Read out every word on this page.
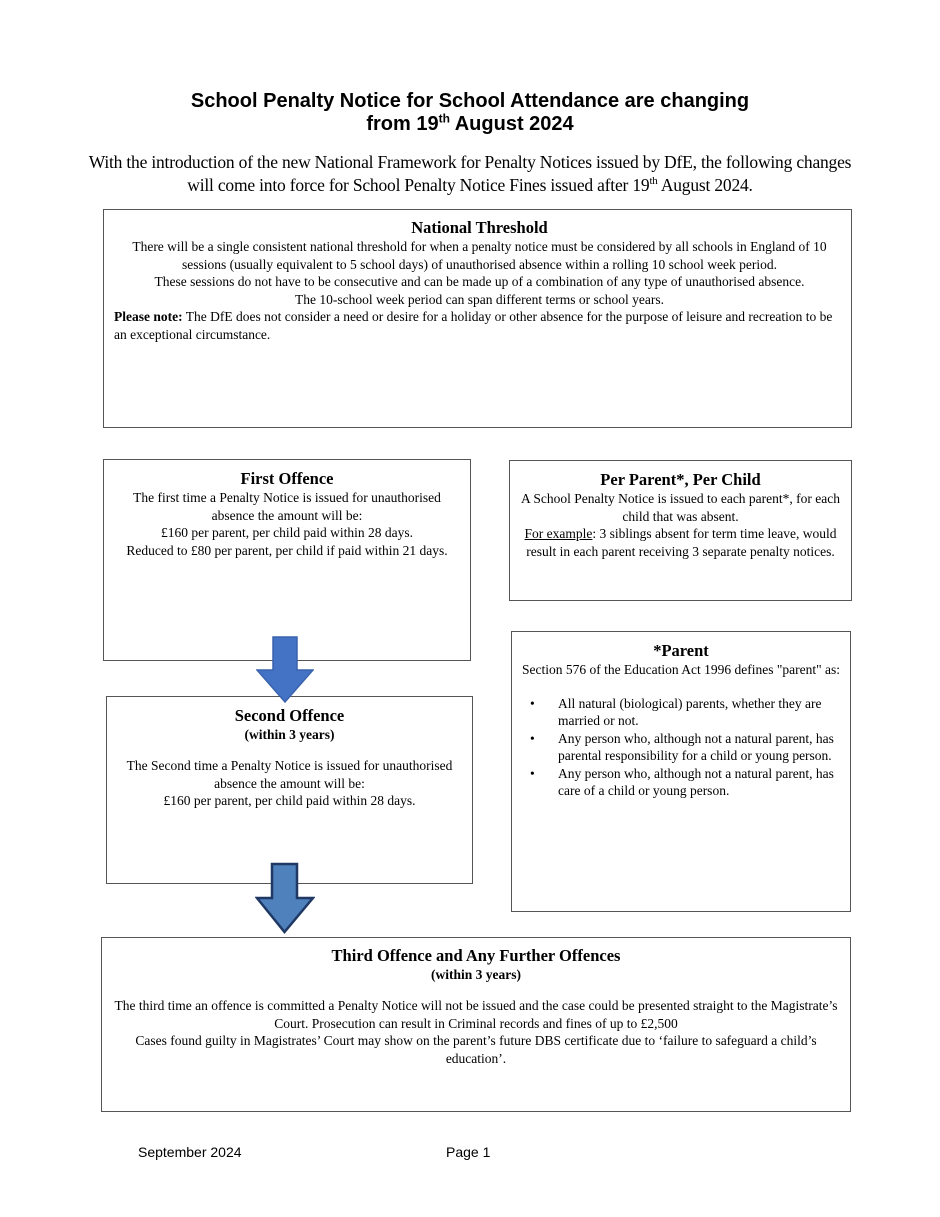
School Penalty Notice for School Attendance are changing
from 19th August 2024
With the introduction of the new National Framework for Penalty Notices issued by DfE, the following changes will come into force for School Penalty Notice Fines issued after 19th August 2024.
National Threshold

There will be a single consistent national threshold for when a penalty notice must be considered by all schools in England of 10 sessions (usually equivalent to 5 school days) of unauthorised absence within a rolling 10 school week period.

These sessions do not have to be consecutive and can be made up of a combination of any type of unauthorised absence.

The 10-school week period can span different terms or school years.

Please note: The DfE does not consider a need or desire for a holiday or other absence for the purpose of leisure and recreation to be an exceptional circumstance.

First Offence

The first time a Penalty Notice is issued for unauthorised absence the amount will be:

£160 per parent, per child paid within 28 days.

Reduced to £80 per parent, per child if paid within 21 days.

Per Parent*, Per Child

A School Penalty Notice is issued to each parent*, for each child that was absent.

For example: 3 siblings absent for term time leave, would result in each parent receiving 3 separate penalty notices.

Second Offence
(within 3 years)

The Second time a Penalty Notice is issued for unauthorised absence the amount will be:

£160 per parent, per child paid within 28 days.

*Parent

Section 576 of the Education Act 1996 defines "parent" as:

• All natural (biological) parents, whether they are married or not.
• Any person who, although not a natural parent, has parental responsibility for a child or young person.
• Any person who, although not a natural parent, has care of a child or young person.
Third Offence and Any Further Offences
(within 3 years)

The third time an offence is committed a Penalty Notice will not be issued and the case could be presented straight to the Magistrate’s Court. Prosecution can result in Criminal records and fines of up to £2,500

Cases found guilty in Magistrates’ Court may show on the parent’s future DBS certificate due to ‘failure to safeguard a child’s education’.

September 2024	Page 1
